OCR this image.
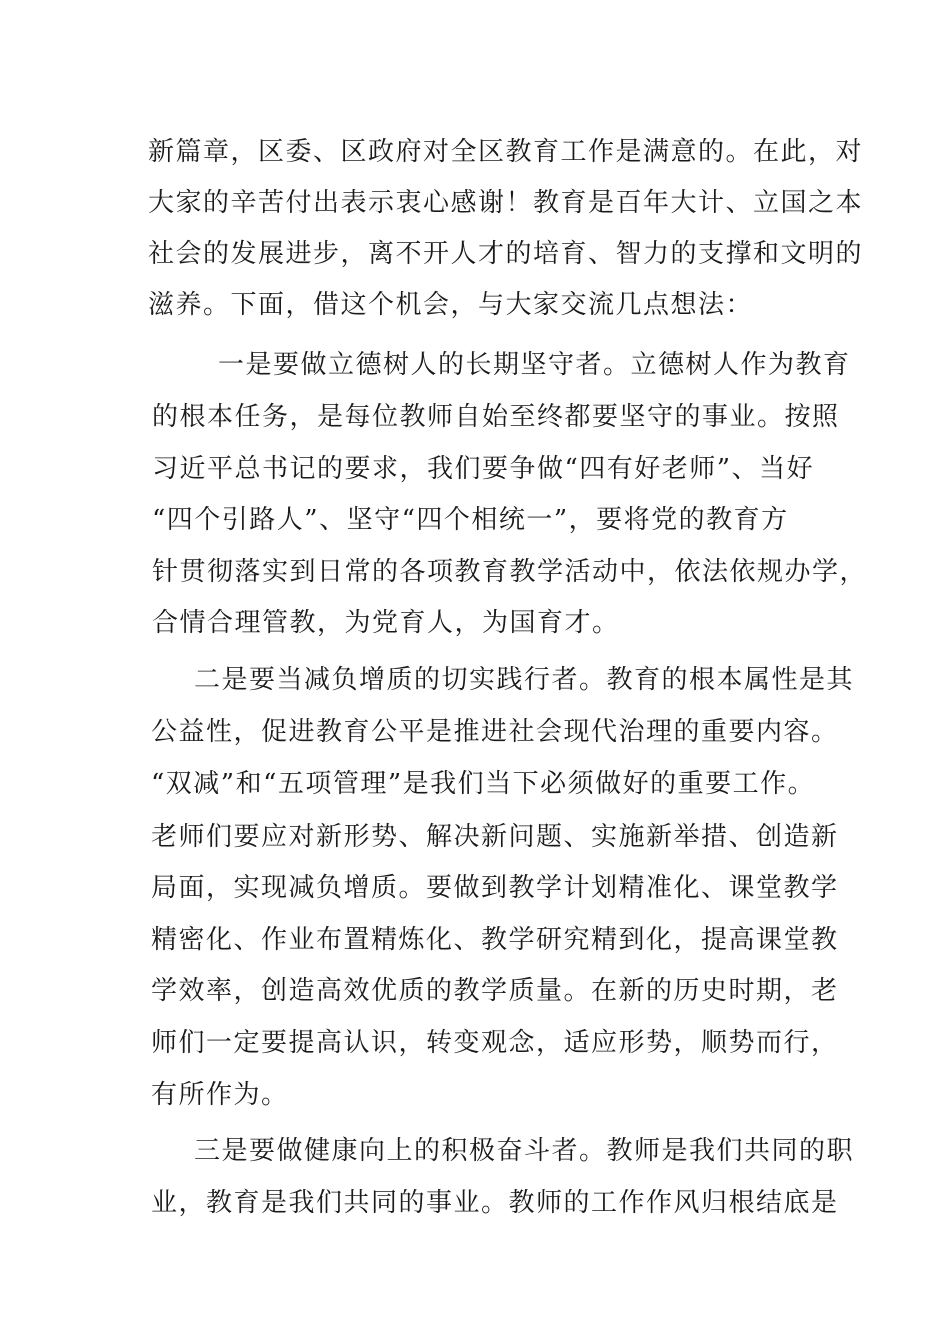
新篇章，区委、区政府对全区教育工作是满意的。在此，对

大家的辛苦付出表示衷心感谢！教育是百年大计、立国之本

社会的发展进步，离不开人才的培育、智力的支撑和文明的

滋养。下面，借这个机会，与大家交流几点想法：

一是要做立德树人的长期坚守者。立德树人作为教育

的根本任务，是每位教师自始至终都要坚守的事业。按照

习近平总书记的要求，我们要争做“四有好老师”、当好

“四个引路人”、坚守“四个相统一”，要将党的教育方

针贯彻落实到日常的各项教育教学活动中，依法依规办学，

合情合理管教，为党育人，为国育才。

二是要当减负增质的切实践行者。教育的根本属性是其

公益性，促进教育公平是推进社会现代治理的重要内容。

“双减”和“五项管理”是我们当下必须做好的重要工作。

老师们要应对新形势、解决新问题、实施新举措、创造新

局面，实现减负增质。要做到教学计划精准化、课堂教学

精密化、作业布置精炼化、教学研究精到化，提高课堂教

学效率，创造高效优质的教学质量。在新的历史时期，老

师们一定要提高认识，转变观念，适应形势，顺势而行，

有所作为。

三是要做健康向上的积极奋斗者。教师是我们共同的职

业，教育是我们共同的事业。教师的工作作风归根结底是
